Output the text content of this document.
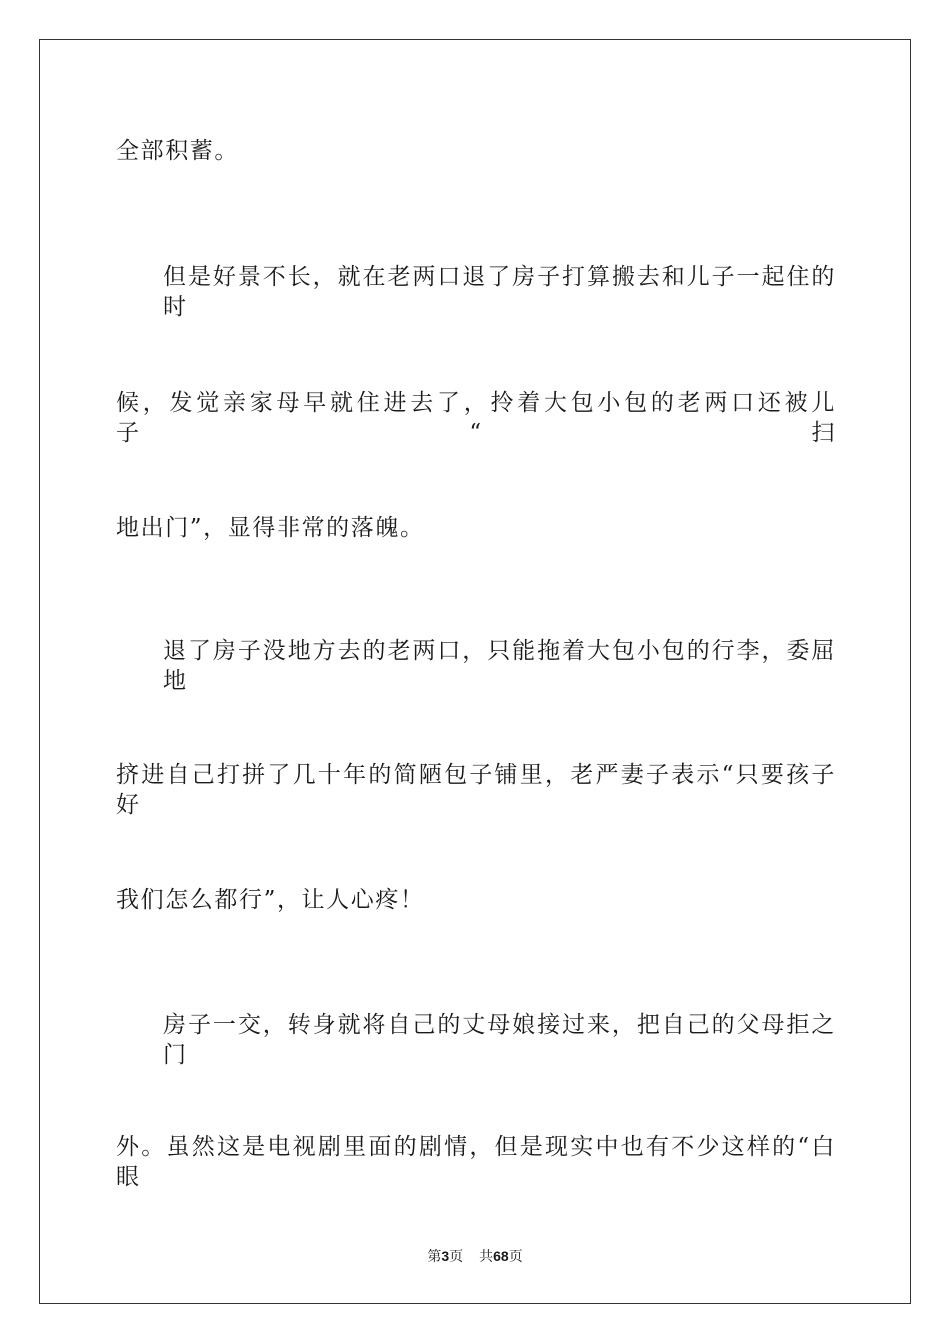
全部积蓄。
但是好景不长，就在老两口退了房子打算搬去和儿子一起住的时
候，发觉亲家母早就住进去了，拎着大包小包的老两口还被儿子“扫
地出门”，显得非常的落魄。
退了房子没地方去的老两口，只能拖着大包小包的行李，委屈地
挤进自己打拼了几十年的简陋包子铺里，老严妻子表示“只要孩子好
我们怎么都行”，让人心疼！
房子一交，转身就将自己的丈母娘接过来，把自己的父母拒之门
外。虽然这是电视剧里面的剧情，但是现实中也有不少这样的“白眼
第3页 共68页
